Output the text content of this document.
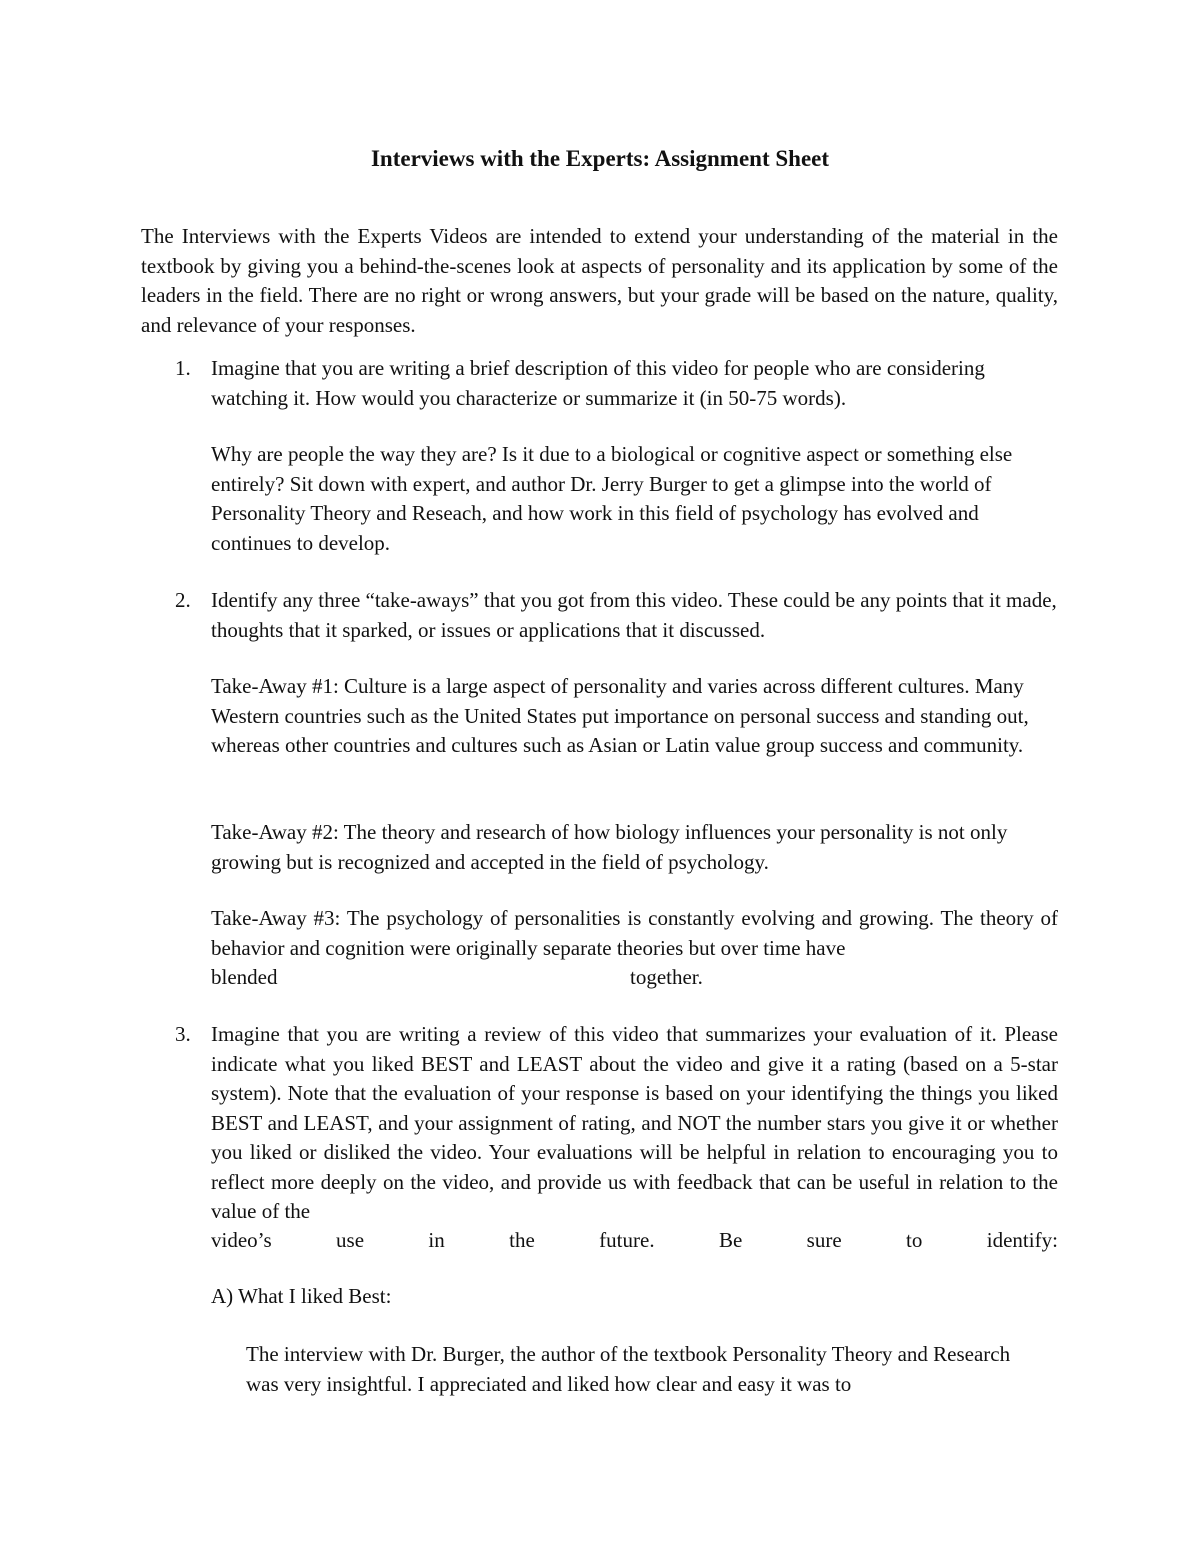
Interviews with the Experts: Assignment Sheet

The Interviews with the Experts Videos are intended to extend your understanding of the material in the textbook by giving you a behind-the-scenes look at aspects of personality and its application by some of the leaders in the field. There are no right or wrong answers, but your grade will be based on the nature, quality, and relevance of your responses.

1. Imagine that you are writing a brief description of this video for people who are considering watching it. How would you characterize or summarize it (in 50-75 words).

Why are people the way they are? Is it due to a biological or cognitive aspect or something else entirely? Sit down with expert, and author Dr. Jerry Burger to get a glimpse into the world of Personality Theory and Reseach, and how work in this field of psychology has evolved and continues to develop.

2. Identify any three “take-aways” that you got from this video. These could be any points that it made, thoughts that it sparked, or issues or applications that it discussed.

Take-Away #1: Culture is a large aspect of personality and varies across different cultures. Many Western countries such as the United States put importance on personal success and standing out, whereas other countries and cultures such as Asian or Latin value group success and community.

Take-Away #2: The theory and research of how biology influences your personality is not only growing but is recognized and accepted in the field of psychology.

Take-Away #3: The psychology of personalities is constantly evolving and growing. The theory of behavior and cognition were originally separate theories but over time have

blended	together.
3. Imagine that you are writing a review of this video that summarizes your evaluation of it. Please indicate what you liked BEST and LEAST about the video and give it a rating (based on a 5-star system). Note that the evaluation of your response is based on your identifying the things you liked BEST and LEAST, and your assignment of rating, and NOT the number stars you give it or whether you liked or disliked the video. Your evaluations will be helpful in relation to encouraging you to reflect more deeply on the video, and provide us with feedback that can be useful in relation to the value of the

video’s	use	in	the	future.	Be	sure	to	identify:
A) What I liked Best:

The interview with Dr. Burger, the author of the textbook Personality Theory and Research was very insightful. I appreciated and liked how clear and easy it was to
